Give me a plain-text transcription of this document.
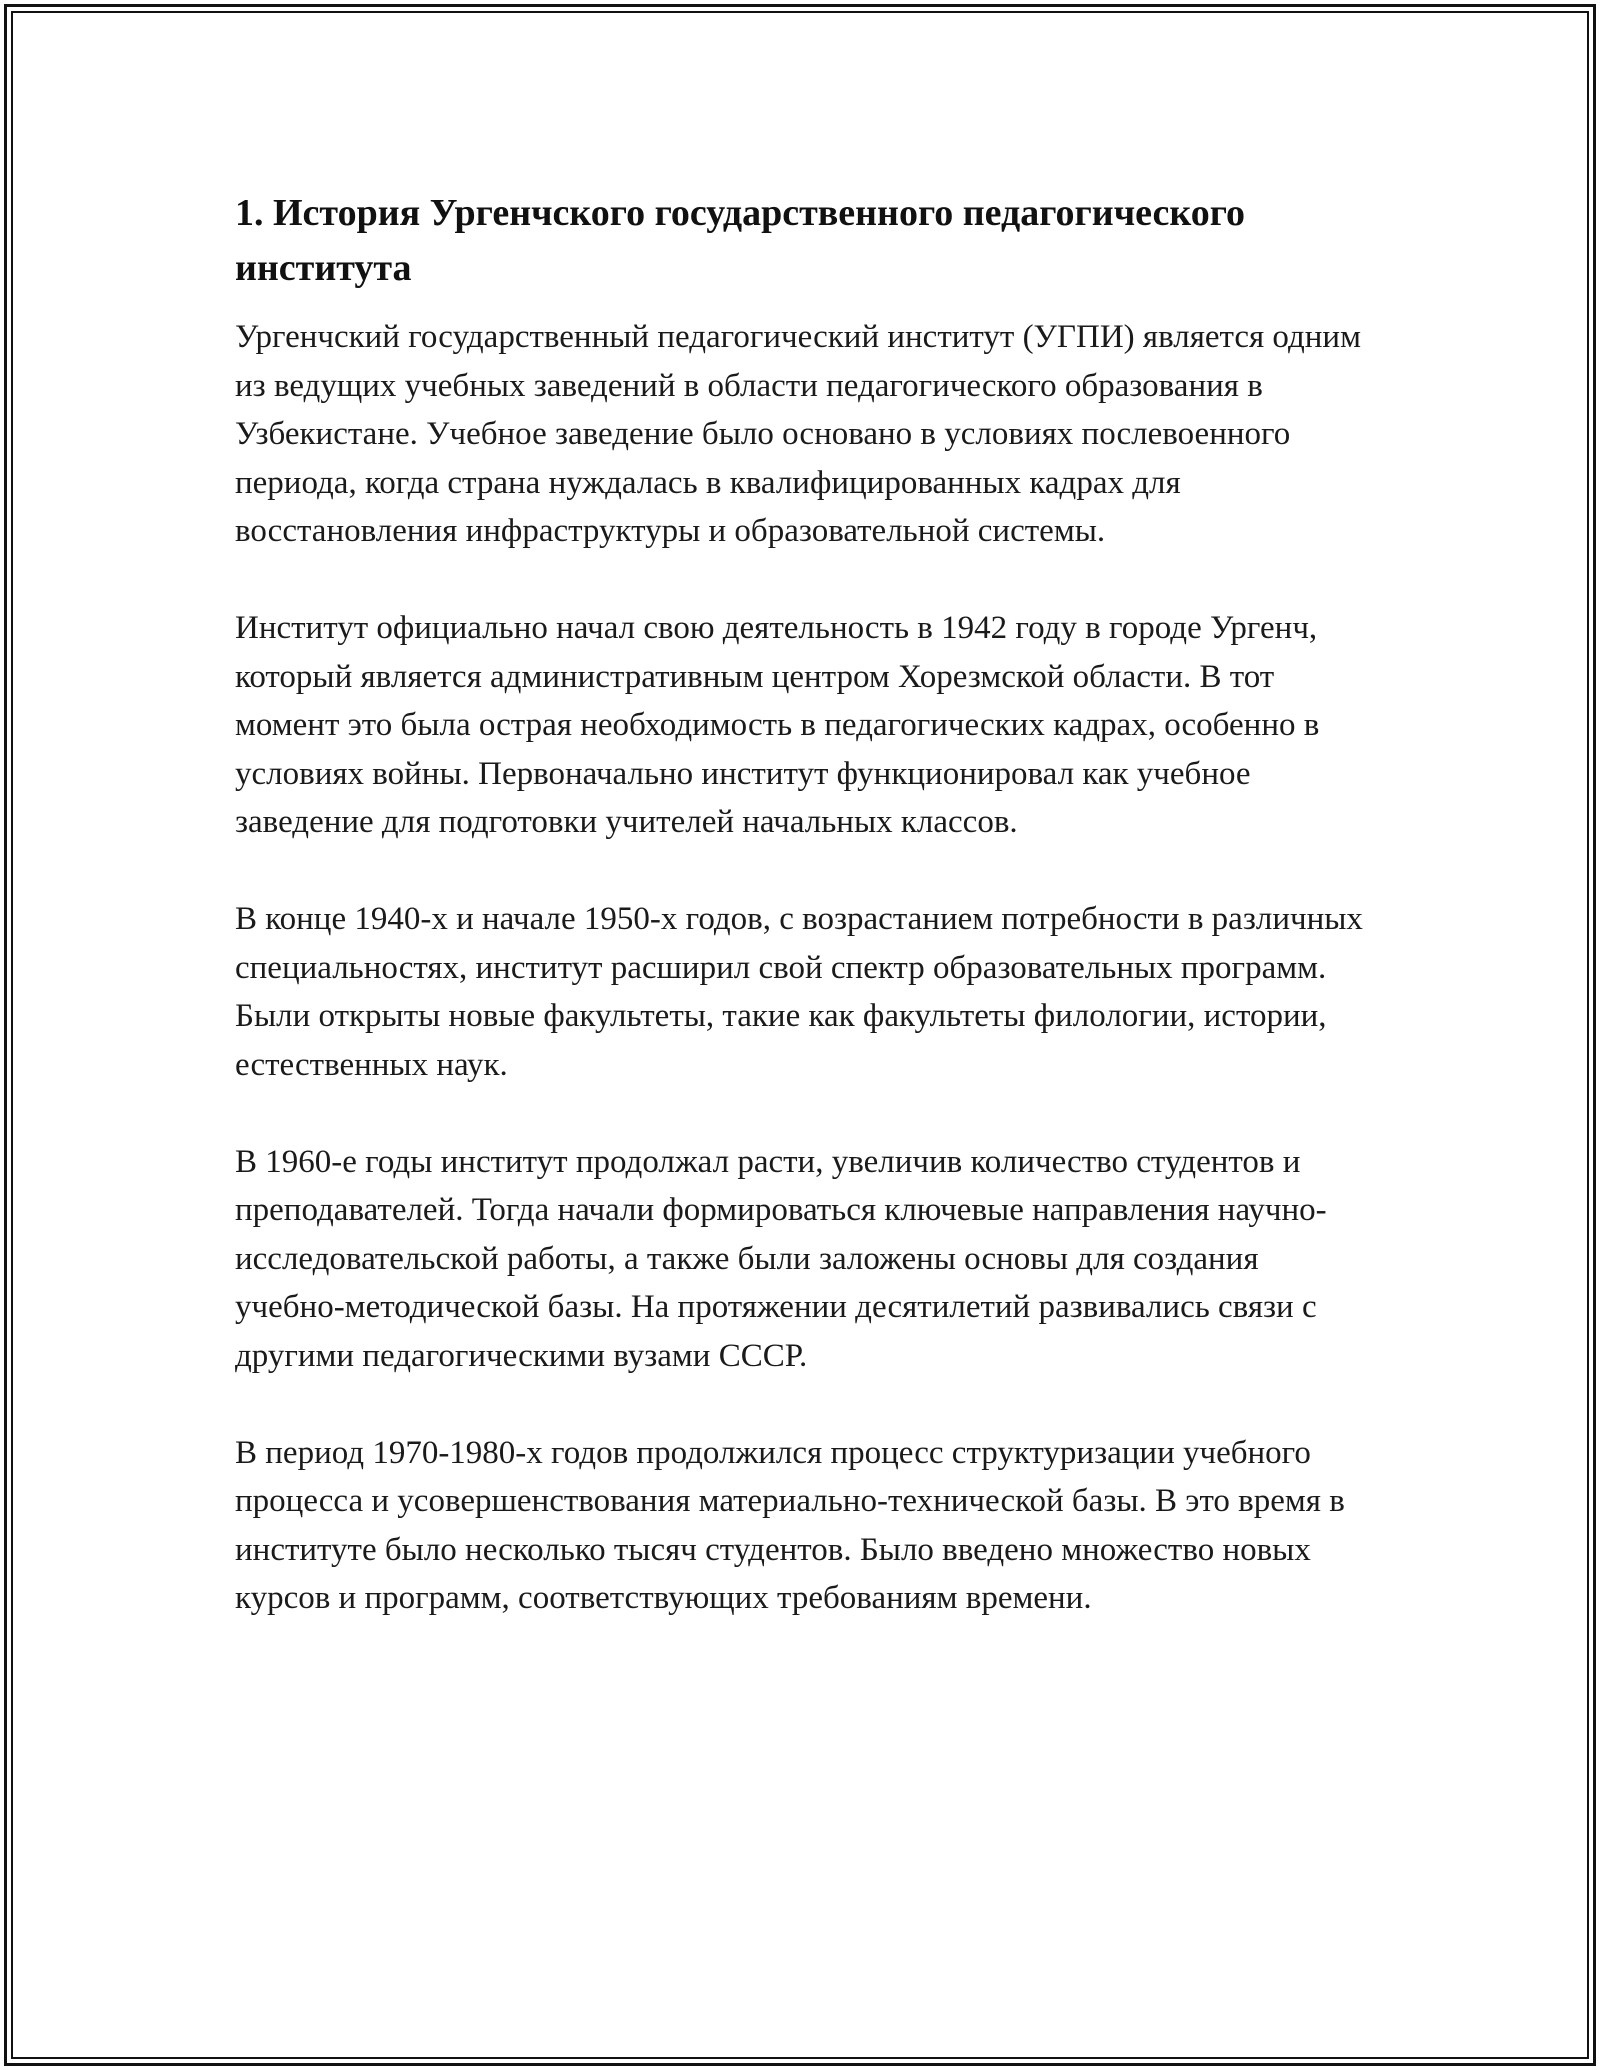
1. История Ургенчского государственного педагогического института

Ургенчский государственный педагогический институт (УГПИ) является одним из ведущих учебных заведений в области педагогического образования в Узбекистане. Учебное заведение было основано в условиях послевоенного периода, когда страна нуждалась в квалифицированных кадрах для восстановления инфраструктуры и образовательной системы.

Институт официально начал свою деятельность в 1942 году в городе Ургенч, который является административным центром Хорезмской области. В тот момент это была острая необходимость в педагогических кадрах, особенно в условиях войны. Первоначально институт функционировал как учебное заведение для подготовки учителей начальных классов.

В конце 1940-х и начале 1950-х годов, с возрастанием потребности в различных специальностях, институт расширил свой спектр образовательных программ. Были открыты новые факультеты, такие как факультеты филологии, истории, естественных наук.

В 1960-е годы институт продолжал расти, увеличив количество студентов и преподавателей. Тогда начали формироваться ключевые направления научно-исследовательской работы, а также были заложены основы для создания учебно-методической базы. На протяжении десятилетий развивались связи с другими педагогическими вузами СССР.

В период 1970-1980-х годов продолжился процесс структуризации учебного процесса и усовершенствования материально-технической базы. В это время в институте было несколько тысяч студентов. Было введено множество новых курсов и программ, соответствующих требованиям времени.
